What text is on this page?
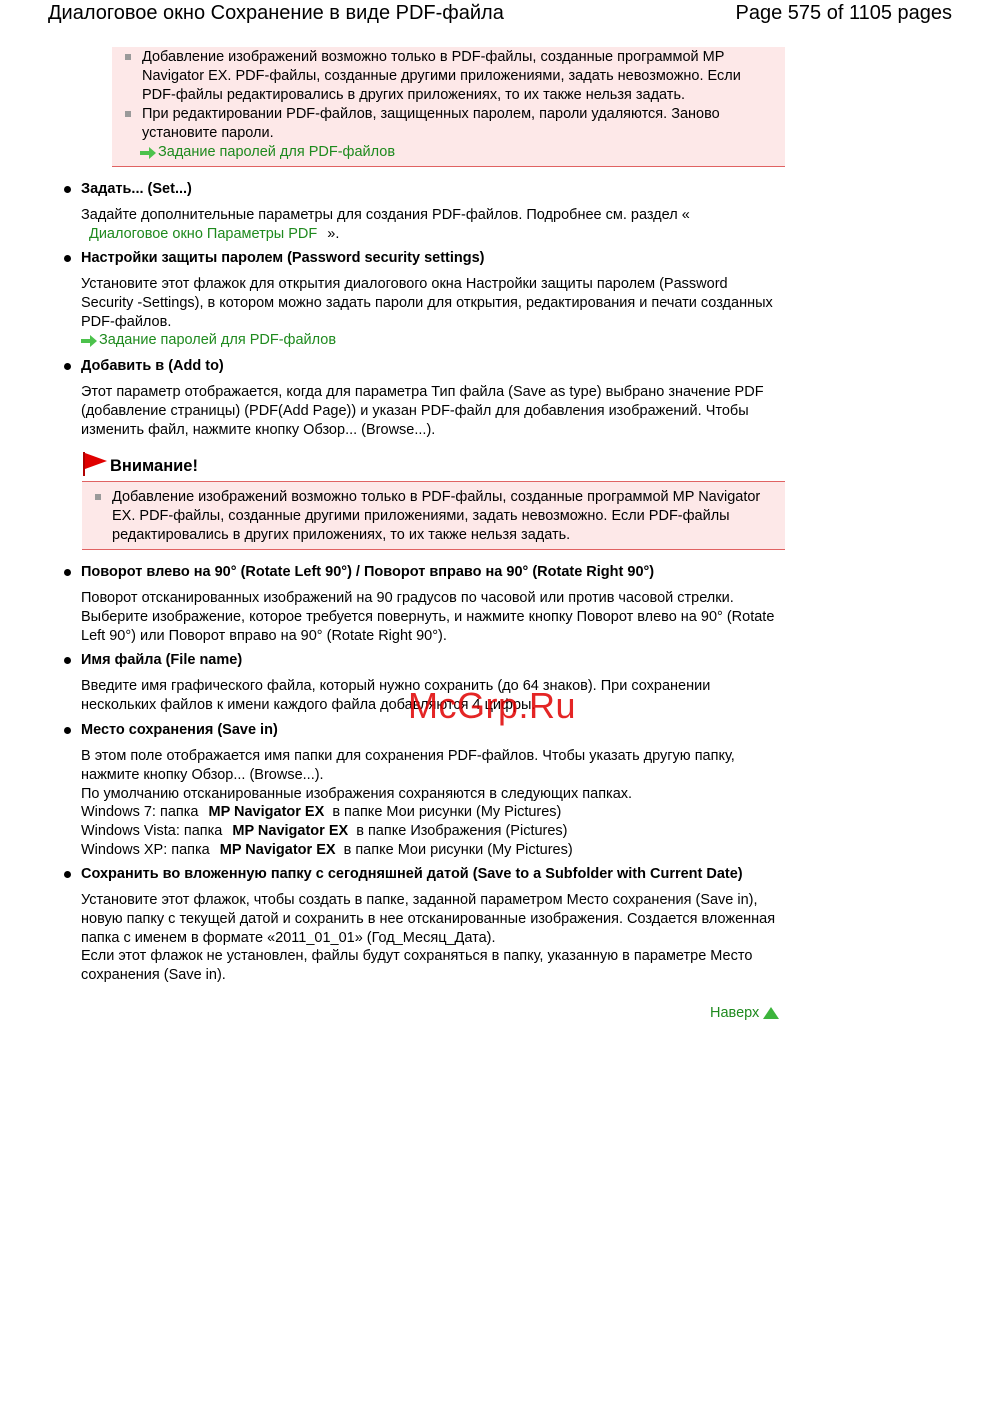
Диалоговое окно Сохранение в виде PDF-файла	Page 575 of 1105 pages
Добавление изображений возможно только в PDF-файлы, созданные программой MP Navigator EX. PDF-файлы, созданные другими приложениями, задать невозможно. Если PDF-файлы редактировались в других приложениях, то их также нельзя задать.
При редактировании PDF-файлов, защищенных паролем, пароли удаляются. Заново установите пароли.
Задание паролей для PDF-файлов
Задать... (Set...)
Задайте дополнительные параметры для создания PDF-файлов. Подробнее см. раздел «
Диалоговое окно Параметры PDF ».
Настройки защиты паролем (Password security settings)
Установите этот флажок для открытия диалогового окна Настройки защиты паролем (Password Security -Settings), в котором можно задать пароли для открытия, редактирования и печати созданных PDF-файлов.
Задание паролей для PDF-файлов
Добавить в (Add to)
Этот параметр отображается, когда для параметра Тип файла (Save as type) выбрано значение PDF (добавление страницы) (PDF(Add Page)) и указан PDF-файл для добавления изображений. Чтобы изменить файл, нажмите кнопку Обзор... (Browse...).
Внимание!
Добавление изображений возможно только в PDF-файлы, созданные программой MP Navigator EX. PDF-файлы, созданные другими приложениями, задать невозможно. Если PDF-файлы редактировались в других приложениях, то их также нельзя задать.
Поворот влево на 90° (Rotate Left 90°) / Поворот вправо на 90° (Rotate Right 90°)
Поворот отсканированных изображений на 90 градусов по часовой или против часовой стрелки. Выберите изображение, которое требуется повернуть, и нажмите кнопку Поворот влево на 90° (Rotate Left 90°) или Поворот вправо на 90° (Rotate Right 90°).
Имя файла (File name)
Введите имя графического файла, который нужно сохранить (до 64 знаков). При сохранении нескольких файлов к имени каждого файла добавляются 4 цифры.
Место сохранения (Save in)
В этом поле отображается имя папки для сохранения PDF-файлов. Чтобы указать другую папку, нажмите кнопку Обзор... (Browse...).
По умолчанию отсканированные изображения сохраняются в следующих папках.
Windows 7: папка MP Navigator EX в папке Мои рисунки (My Pictures)
Windows Vista: папка MP Navigator EX в папке Изображения (Pictures)
Windows XP: папка MP Navigator EX в папке Мои рисунки (My Pictures)
Сохранить во вложенную папку с сегодняшней датой (Save to a Subfolder with Current Date)
Установите этот флажок, чтобы создать в папке, заданной параметром Место сохранения (Save in), новую папку с текущей датой и сохранить в нее отсканированные изображения. Создается вложенная папка с именем в формате «2011_01_01» (Год_Месяц_Дата).
Если этот флажок не установлен, файлы будут сохраняться в папку, указанную в параметре Место сохранения (Save in).
Наверх
McGrp.Ru
